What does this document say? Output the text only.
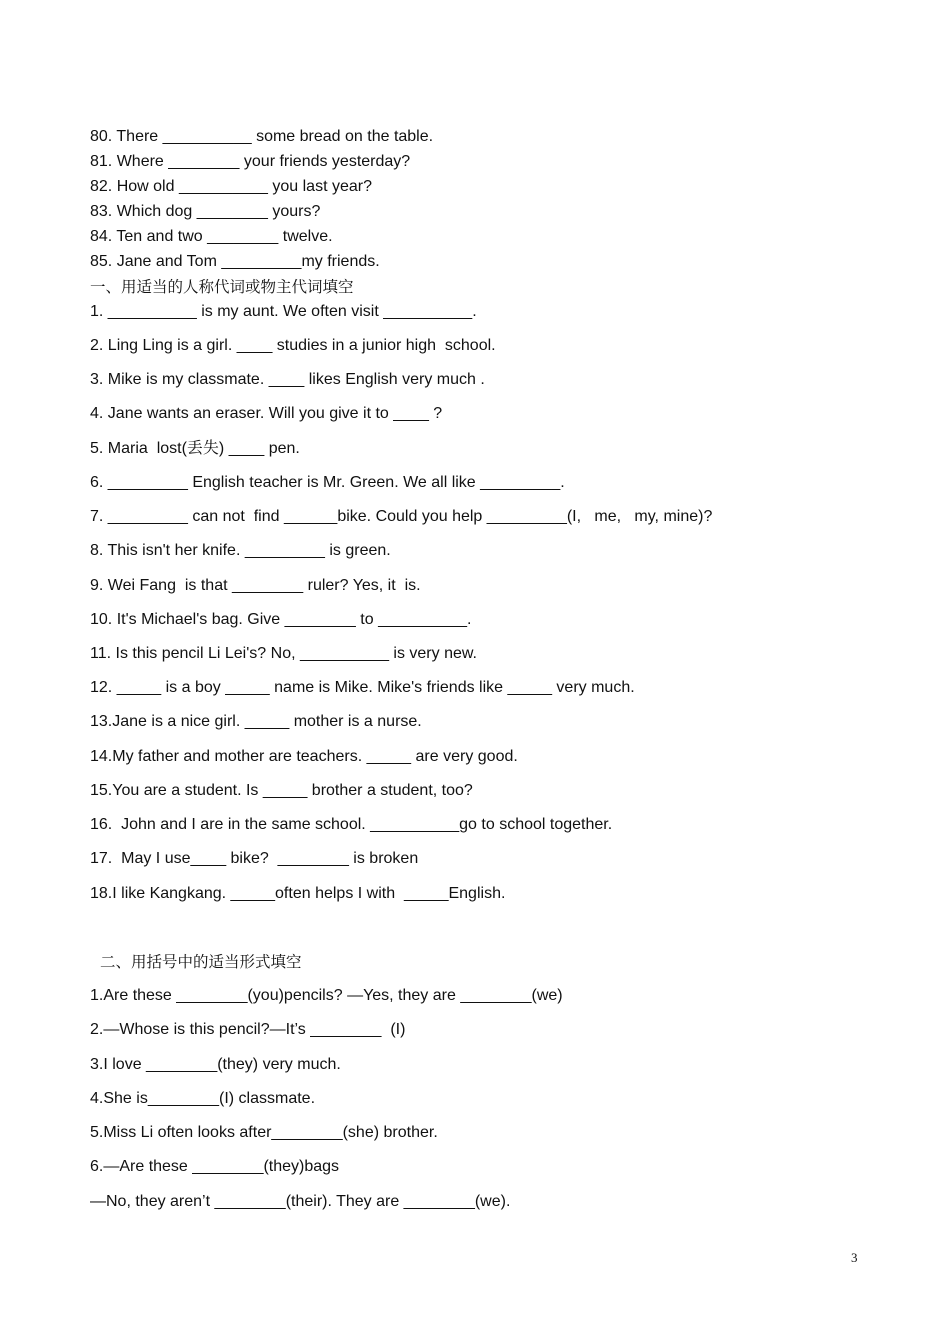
80. There __________ some bread on the table.
81. Where ________ your friends yesterday?
82. How old __________ you last year?
83. Which dog ________ yours?
84. Ten and two ________ twelve.
85. Jane and Tom _________my friends.
一、用适当的人称代词或物主代词填空
1. __________ is my aunt. We often visit __________.
2. Ling Ling is a girl. ____ studies in a junior high  school.
3. Mike is my classmate. ____ likes English very much .
4. Jane wants an eraser. Will you give it to ____ ?
5. Maria  lost(丢失) ____ pen.
6. _________ English teacher is Mr. Green. We all like _________.
7. _________ can not  find ______bike. Could you help _________(I,   me,   my, mine)?
8. This isn't her knife. _________ is green.
9. Wei Fang  is that ________ ruler? Yes, it  is.
10. It's Michael's bag. Give ________ to __________.
11. Is this pencil Li Lei's? No, __________ is very new.
12. _____ is a boy _____ name is Mike. Mike's friends like _____ very much.
13.Jane is a nice girl. _____ mother is a nurse.
14.My father and mother are teachers. _____ are very good.
15.You are a student. Is _____ brother a student, too?
16.  John and I are in the same school. __________go to school together.
17.  May I use____ bike?  ________ is broken
18.I like Kangkang. _____often helps I with  _____English.
二、用括号中的适当形式填空
1.Are these ________(you)pencils? —Yes, they are ________(we)
2.—Whose is this pencil?—It’s ________  (I)
3.I love ________(they) very much.
4.She is________(I) classmate.
5.Miss Li often looks after________(she) brother.
6.—Are these ________(they)bags
—No, they aren’t ________(their). They are ________(we).
3
